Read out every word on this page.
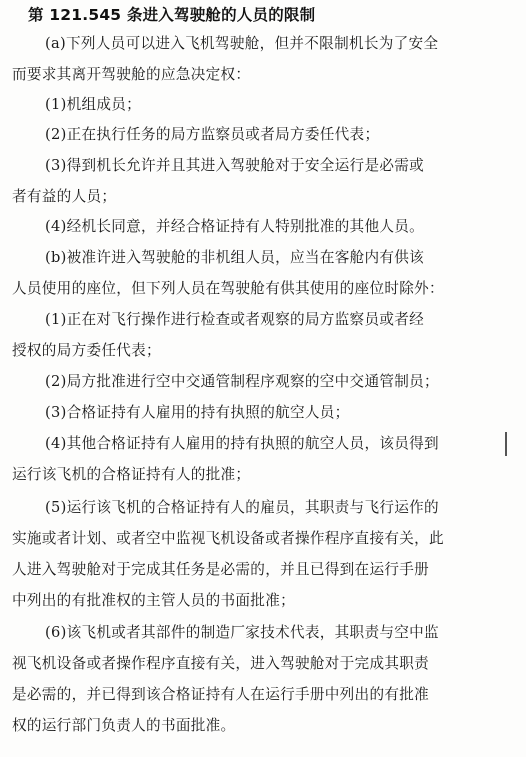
第 121.545 条进入驾驶舱的人员的限制
(a)下列人员可以进入飞机驾驶舱，但并不限制机长为了安全
而要求其离开驾驶舱的应急决定权：
(1)机组成员；
(2)正在执行任务的局方监察员或者局方委任代表；
(3)得到机长允许并且其进入驾驶舱对于安全运行是必需或
者有益的人员；
(4)经机长同意，并经合格证持有人特别批准的其他人员。
(b)被准许进入驾驶舱的非机组人员，应当在客舱内有供该
人员使用的座位，但下列人员在驾驶舱有供其使用的座位时除外：
(1)正在对飞行操作进行检查或者观察的局方监察员或者经
授权的局方委任代表；
(2)局方批准进行空中交通管制程序观察的空中交通管制员；
(3)合格证持有人雇用的持有执照的航空人员；
(4)其他合格证持有人雇用的持有执照的航空人员，该员得到
运行该飞机的合格证持有人的批准；
(5)运行该飞机的合格证持有人的雇员，其职责与飞行运作的
实施或者计划、或者空中监视飞机设备或者操作程序直接有关，此
人进入驾驶舱对于完成其任务是必需的，并且已得到在运行手册
中列出的有批准权的主管人员的书面批准；
(6)该飞机或者其部件的制造厂家技术代表，其职责与空中监
视飞机设备或者操作程序直接有关，进入驾驶舱对于完成其职责
是必需的，并已得到该合格证持有人在运行手册中列出的有批准
权的运行部门负责人的书面批准。
